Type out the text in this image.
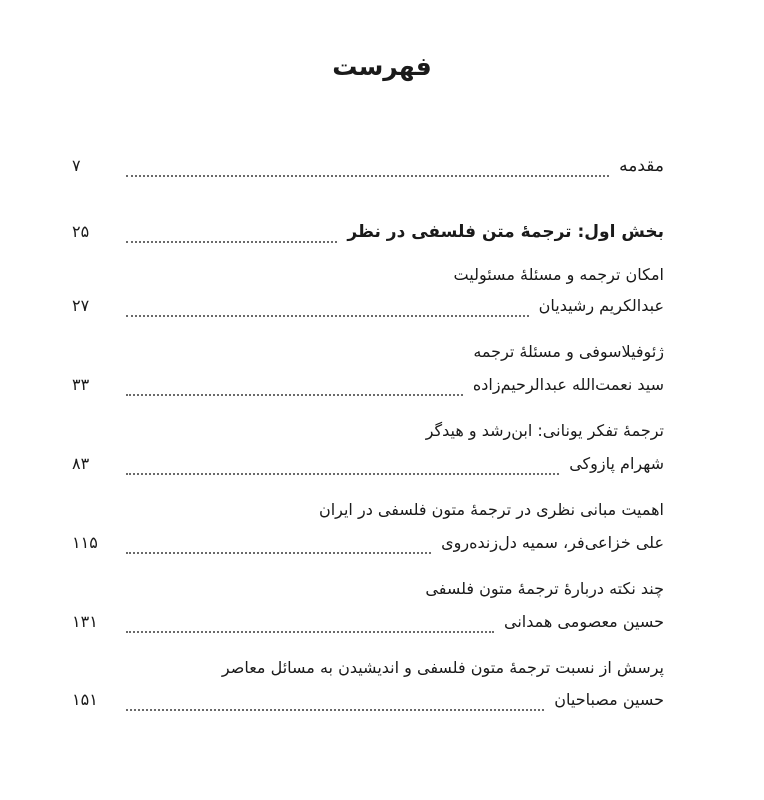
فهرست
مقدمه
۷
بخش اول: ترجمهٔ متن فلسفی در نظر
۲۵
امکان ترجمه و مسئلهٔ مسئولیت
عبدالکریم رشیدیان
۲۷
ژئوفیلاسوفی و مسئلهٔ ترجمه
سید نعمت‌الله عبدالرحیم‌زاده
۳۳
ترجمهٔ تفکر یونانی: ابن‌رشد و هیدگر
شهرام پازوکی
۸۳
اهمیت مبانی نظری در ترجمهٔ متون فلسفی در ایران
علی خزاعی‌فر، سمیه دل‌زنده‌روی
۱۱۵
چند نکته دربارهٔ ترجمهٔ متون فلسفی
حسین معصومی همدانی
۱۳۱
پرسش از نسبت ترجمهٔ متون فلسفی و اندیشیدن به مسائل معاصر
حسین مصباحیان
۱۵۱
